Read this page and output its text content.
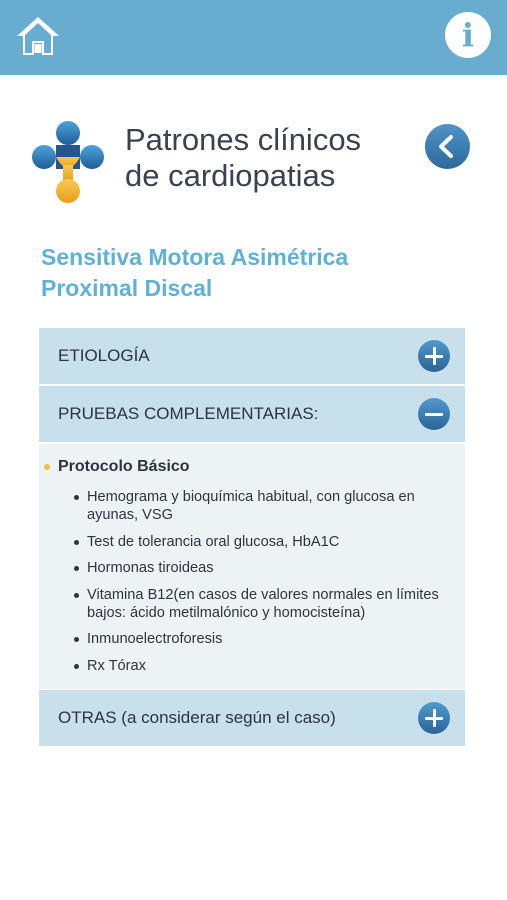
i
Patrones clínicos
de cardiopatias
Sensitiva Motora Asimétrica
Proximal Discal
ETIOLOGÍA
PRUEBAS COMPLEMENTARIAS:
Protocolo Básico
Hemograma y bioquímica habitual, con glucosa en ayunas, VSG
Test de tolerancia oral glucosa, HbA1C
Hormonas tiroideas
Vitamina B12(en casos de valores normales en límites bajos: ácido metilmalónico y homocisteína)
Inmunoelectroforesis
Rx Tórax
OTRAS (a considerar según el caso)
